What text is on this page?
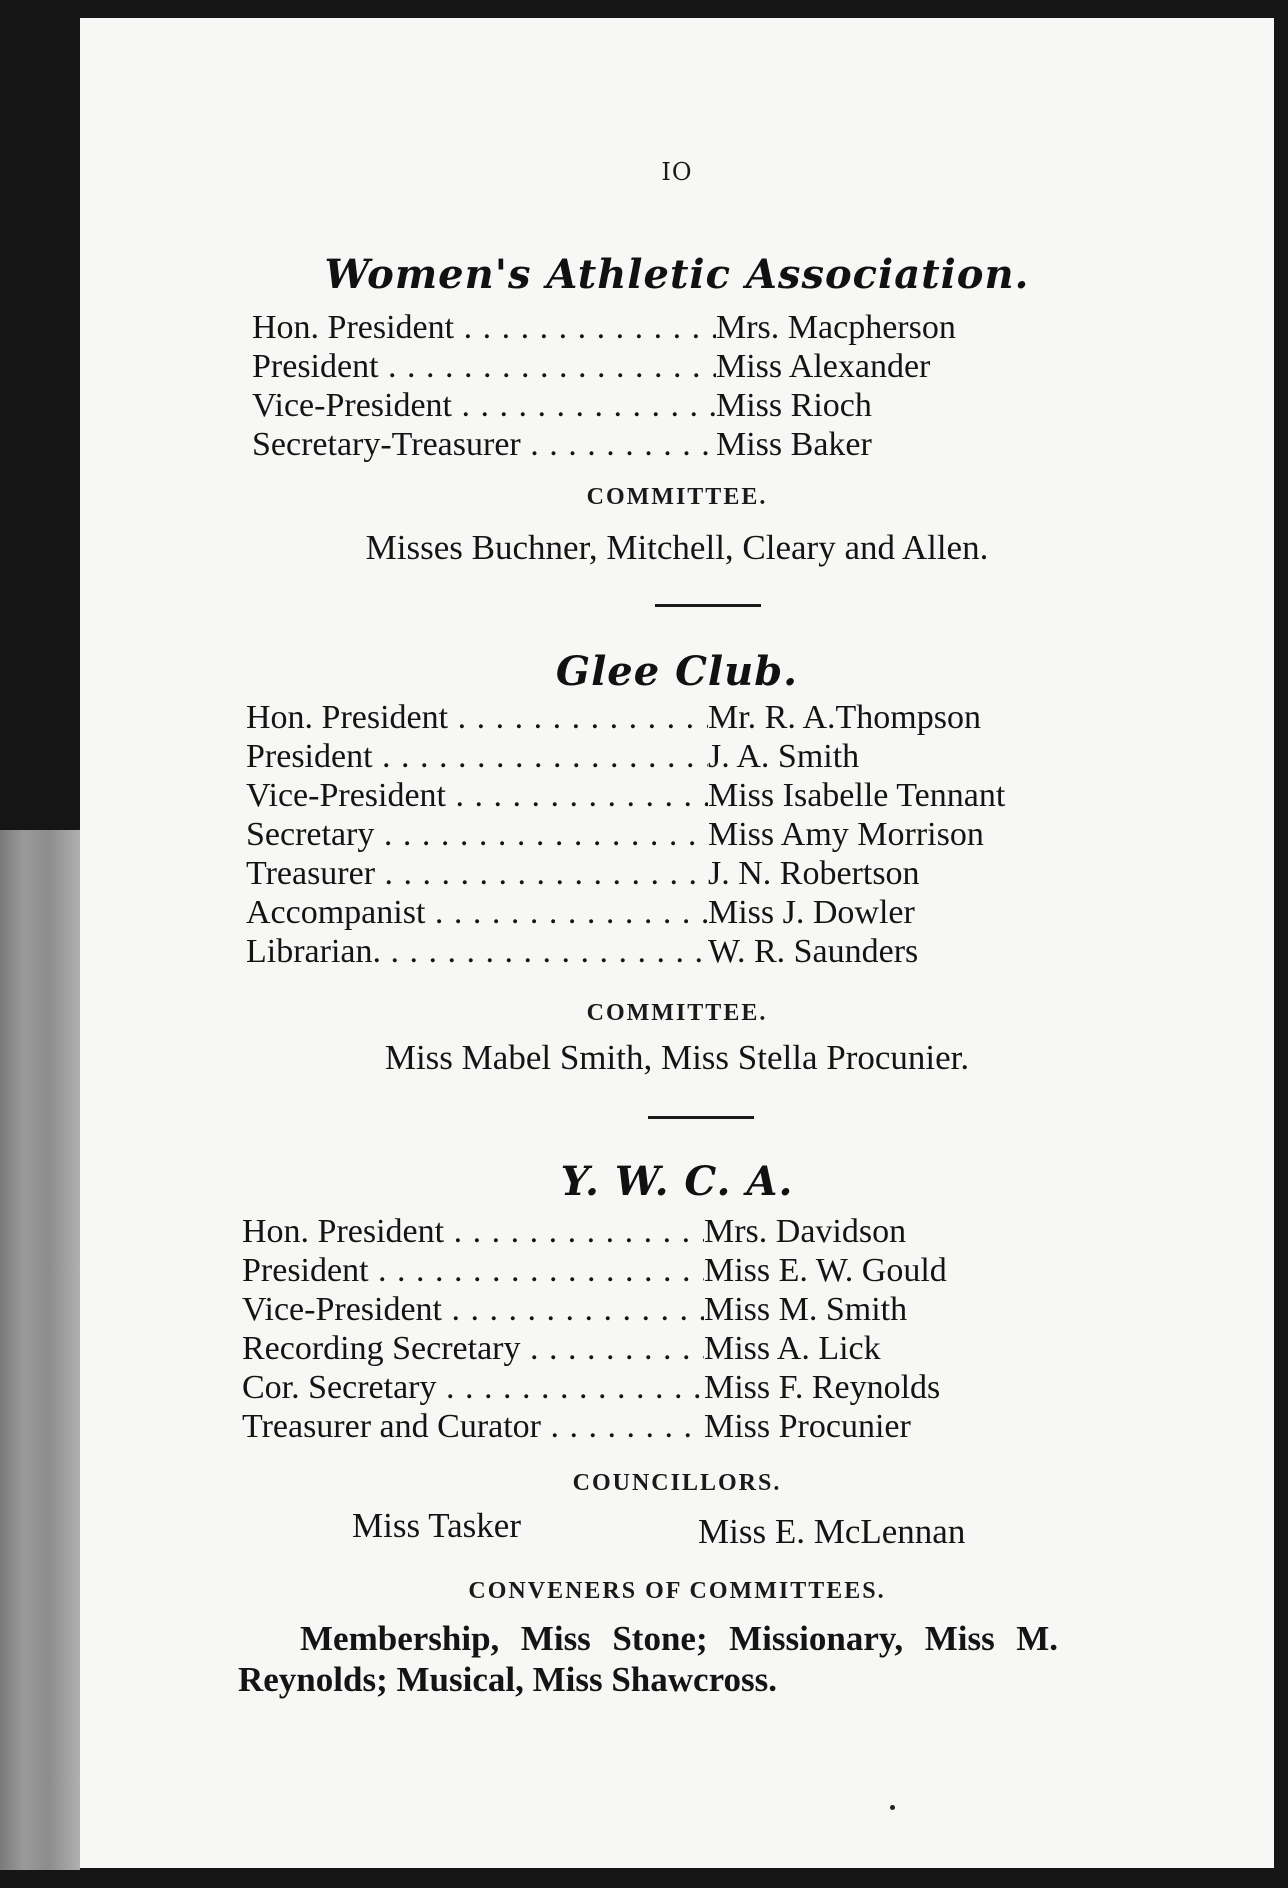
IO
Women's Athletic Association.
Hon. President . . .	Mrs. Macpherson
President . . .	Miss Alexander
Vice-President . . .	Miss Rioch
Secretary-Treasurer . . .	Miss Baker
COMMITTEE.
Misses Buchner, Mitchell, Cleary and Allen.
Glee Club.
Hon. President . . .	Mr. R. A.Thompson
President . . .	J. A. Smith
Vice-President . . .	Miss Isabelle Tennant
Secretary . . .	Miss Amy Morrison
Treasurer . . .	J. N. Robertson
Accompanist . . .	Miss J. Dowler
Librarian. . . .	W. R. Saunders
COMMITTEE.
Miss Mabel Smith, Miss Stella Procunier.
Y. W. C. A.
Hon. President . . .	Mrs. Davidson
President . . .	Miss E. W. Gould
Vice-President . . .	Miss M. Smith
Recording Secretary . . .	Miss A. Lick
Cor. Secretary . . .	Miss F. Reynolds
Treasurer and Curator . . .	Miss Procunier
COUNCILLORS.
Miss Tasker	Miss E. McLennan
CONVENERS OF COMMITTEES.
Membership, Miss Stone; Missionary, Miss M. Reynolds; Musical, Miss Shawcross.
